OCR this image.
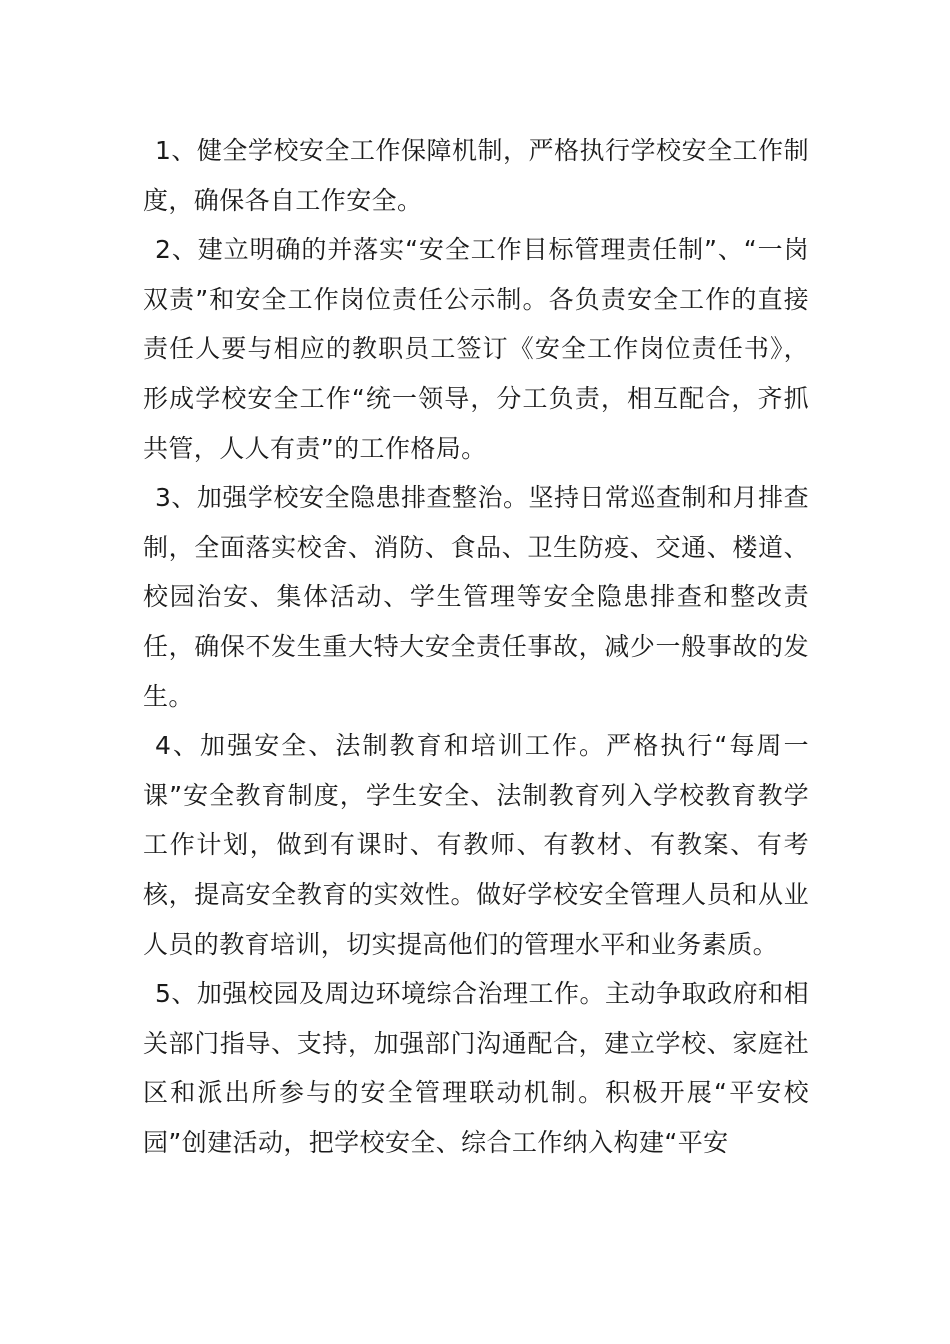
1、健全学校安全工作保障机制，严格执行学校安全工作制度，确保各自工作安全。

2、建立明确的并落实“安全工作目标管理责任制”、“一岗双责”和安全工作岗位责任公示制。各负责安全工作的直接责任人要与相应的教职员工签订《安全工作岗位责任书》，形成学校安全工作“统一领导，分工负责，相互配合，齐抓共管，人人有责”的工作格局。

3、加强学校安全隐患排查整治。坚持日常巡查制和月排查制，全面落实校舍、消防、食品、卫生防疫、交通、楼道、校园治安、集体活动、学生管理等安全隐患排查和整改责任，确保不发生重大特大安全责任事故，减少一般事故的发生。

4、加强安全、法制教育和培训工作。严格执行“每周一课”安全教育制度，学生安全、法制教育列入学校教育教学工作计划，做到有课时、有教师、有教材、有教案、有考核，提高安全教育的实效性。做好学校安全管理人员和从业人员的教育培训，切实提高他们的管理水平和业务素质。

5、加强校园及周边环境综合治理工作。主动争取政府和相关部门指导、支持，加强部门沟通配合，建立学校、家庭社区和派出所参与的安全管理联动机制。积极开展“平安校园”创建活动，把学校安全、综合工作纳入构建“平安
